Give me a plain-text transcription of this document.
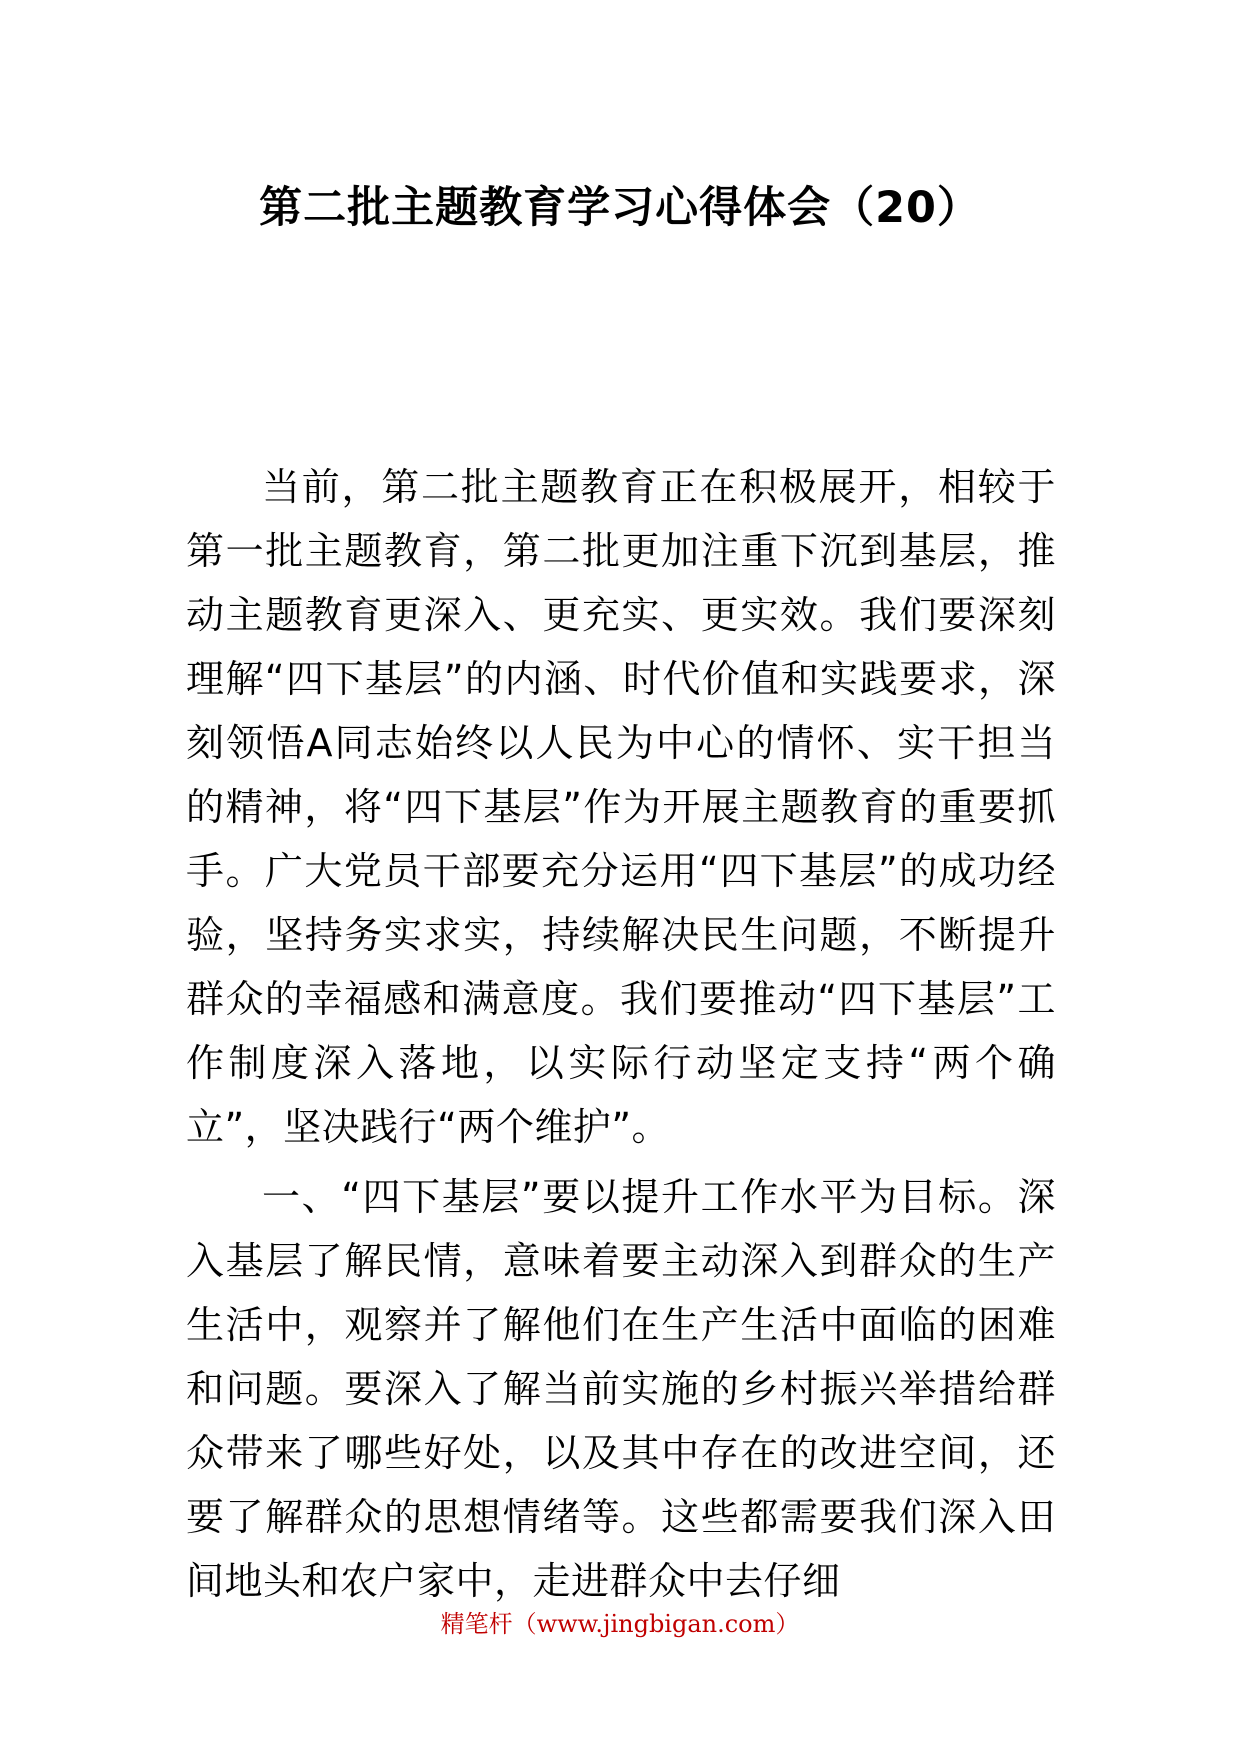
第二批主题教育学习心得体会（20）

当前，第二批主题教育正在积极展开，相较于第一批主题教育，第二批更加注重下沉到基层，推动主题教育更深入、更充实、更实效。我们要深刻理解“四下基层”的内涵、时代价值和实践要求，深刻领悟A同志始终以人民为中心的情怀、实干担当的精神，将“四下基层”作为开展主题教育的重要抓手。广大党员干部要充分运用“四下基层”的成功经验，坚持务实求实，持续解决民生问题，不断提升群众的幸福感和满意度。我们要推动“四下基层”工作制度深入落地，以实际行动坚定支持“两个确立”，坚决践行“两个维护”。

一、“四下基层”要以提升工作水平为目标。深入基层了解民情，意味着要主动深入到群众的生产生活中，观察并了解他们在生产生活中面临的困难和问题。要深入了解当前实施的乡村振兴举措给群众带来了哪些好处，以及其中存在的改进空间，还要了解群众的思想情绪等。这些都需要我们深入田间地头和农户家中，走进群众中去仔细

精笔杆（www.jingbigan.com）
